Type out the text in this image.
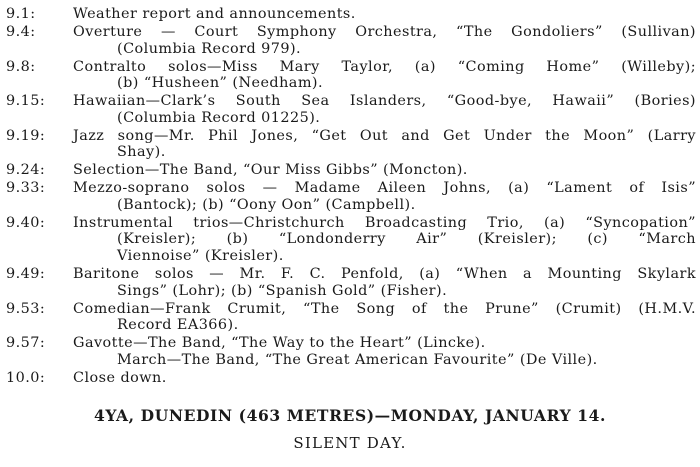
9.1:	Weather report and announcements.
9.4:	Overture — Court Symphony Orchestra, “The Gondoliers” (Sullivan)
(Columbia Record 979).
9.8:	Contralto solos—Miss Mary Taylor, (a) “Coming Home” (Willeby);
(b) “Husheen” (Needham).
9.15:	Hawaiian—Clark’s South Sea Islanders, “Good-bye, Hawaii” (Bories)
(Columbia Record 01225).
9.19:	Jazz song—Mr. Phil Jones, “Get Out and Get Under the Moon” (Larry
Shay).
9.24:	Selection—The Band, “Our Miss Gibbs” (Moncton).
9.33:	Mezzo-soprano solos — Madame Aileen Johns, (a) “Lament of Isis”
(Bantock); (b) “Oony Oon” (Campbell).
9.40:	Instrumental trios—Christchurch Broadcasting Trio, (a) “Syncopation”
(Kreisler); (b) “Londonderry Air” (Kreisler); (c) “March
Viennoise” (Kreisler).
9.49:	Baritone solos — Mr. F. C. Penfold, (a) “When a Mounting Skylark
Sings” (Lohr); (b) “Spanish Gold” (Fisher).
9.53:	Comedian—Frank Crumit, “The Song of the Prune” (Crumit) (H.M.V.
Record EA366).
9.57:	Gavotte—The Band, “The Way to the Heart” (Lincke).
March—The Band, “The Great American Favourite” (De Ville).
10.0:	Close down.
4YA, DUNEDIN (463 METRES)—MONDAY, JANUARY 14.
SILENT DAY.
